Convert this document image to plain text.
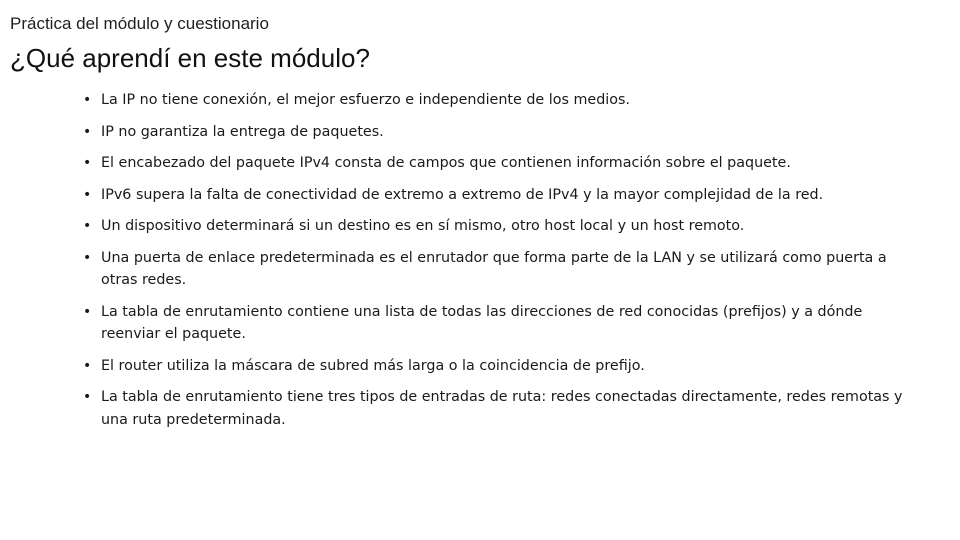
Práctica del módulo y cuestionario
¿Qué aprendí en este módulo?
• La IP no tiene conexión, el mejor esfuerzo e independiente de los medios.
• IP no garantiza la entrega de paquetes.
• El encabezado del paquete IPv4 consta de campos que contienen información sobre el paquete.
• IPv6 supera la falta de conectividad de extremo a extremo de IPv4 y la mayor complejidad de la red.
• Un dispositivo determinará si un destino es en sí mismo, otro host local y un host remoto.
• Una puerta de enlace predeterminada es el enrutador que forma parte de la LAN y se utilizará como puerta a otras redes.
• La tabla de enrutamiento contiene una lista de todas las direcciones de red conocidas (prefijos) y a dónde reenviar el paquete.
• El router utiliza la máscara de subred más larga o la coincidencia de prefijo.
• La tabla de enrutamiento tiene tres tipos de entradas de ruta: redes conectadas directamente, redes remotas y una ruta predeterminada.
